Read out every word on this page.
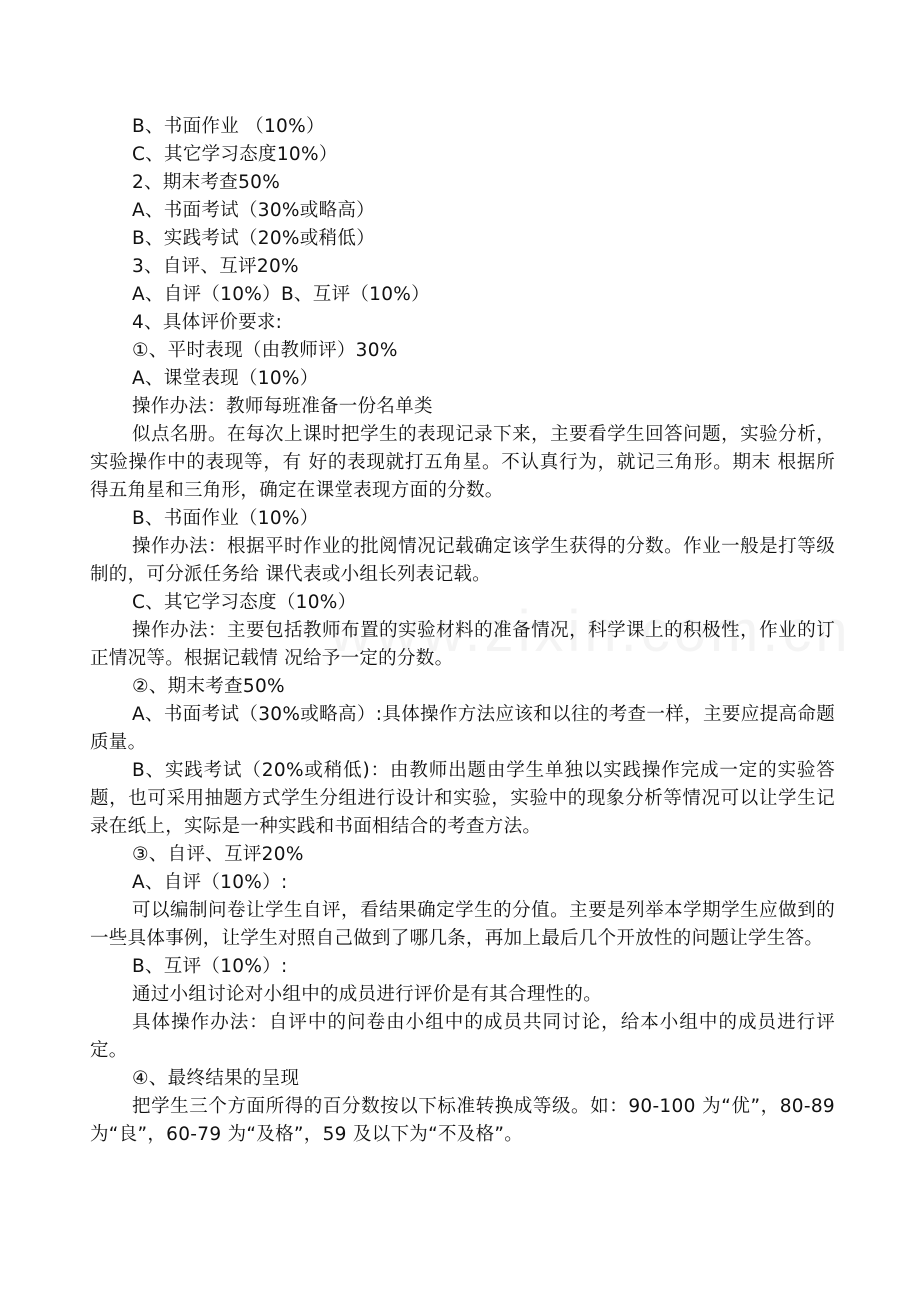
B、书面作业 （10%）

C、其它学习态度10%）

2、期末考查50%

A、书面考试（30%或略高）

B、实践考试（20%或稍低）

3、自评、互评20%

A、自评（10%）B、互评（10%）

4、具体评价要求:

①、平时表现（由教师评）30%

A、课堂表现（10%）

操作办法：教师每班准备一份名单类

似点名册。在每次上课时把学生的表现记录下来，主要看学生回答问题，实验分析，实验操作中的表现等，有 好的表现就打五角星。不认真行为，就记三角形。期末 根据所得五角星和三角形，确定在课堂表现方面的分数。

B、书面作业（10%）

操作办法：根据平时作业的批阅情况记载确定该学生获得的分数。作业一般是打等级制的，可分派任务给 课代表或小组长列表记载。

C、其它学习态度（10%）

操作办法：主要包括教师布置的实验材料的准备情况，科学课上的积极性，作业的订正情况等。根据记载情 况给予一定的分数。

②、期末考查50%

A、书面考试（30%或略高）:具体操作方法应该和以往的考查一样，主要应提高命题质量。

B、实践考试（20%或稍低)：由教师出题由学生单独以实践操作完成一定的实验答题，也可采用抽题方式学生分组进行设计和实验，实验中的现象分析等情况可以让学生记录在纸上，实际是一种实践和书面相结合的考查方法。

③、自评、互评20%

A、自评（10%）:

可以编制问卷让学生自评，看结果确定学生的分值。主要是列举本学期学生应做到的一些具体事例，让学生对照自己做到了哪几条，再加上最后几个开放性的问题让学生答。

B、互评（10%）:

通过小组讨论对小组中的成员进行评价是有其合理性的。

具体操作办法：自评中的问卷由小组中的成员共同讨论，给本小组中的成员进行评定。

④、最终结果的呈现

把学生三个方面所得的百分数按以下标准转换成等级。如：90-100 为“优”，80-89 为“良”，60-79 为“及格”，59 及以下为“不及格”。
